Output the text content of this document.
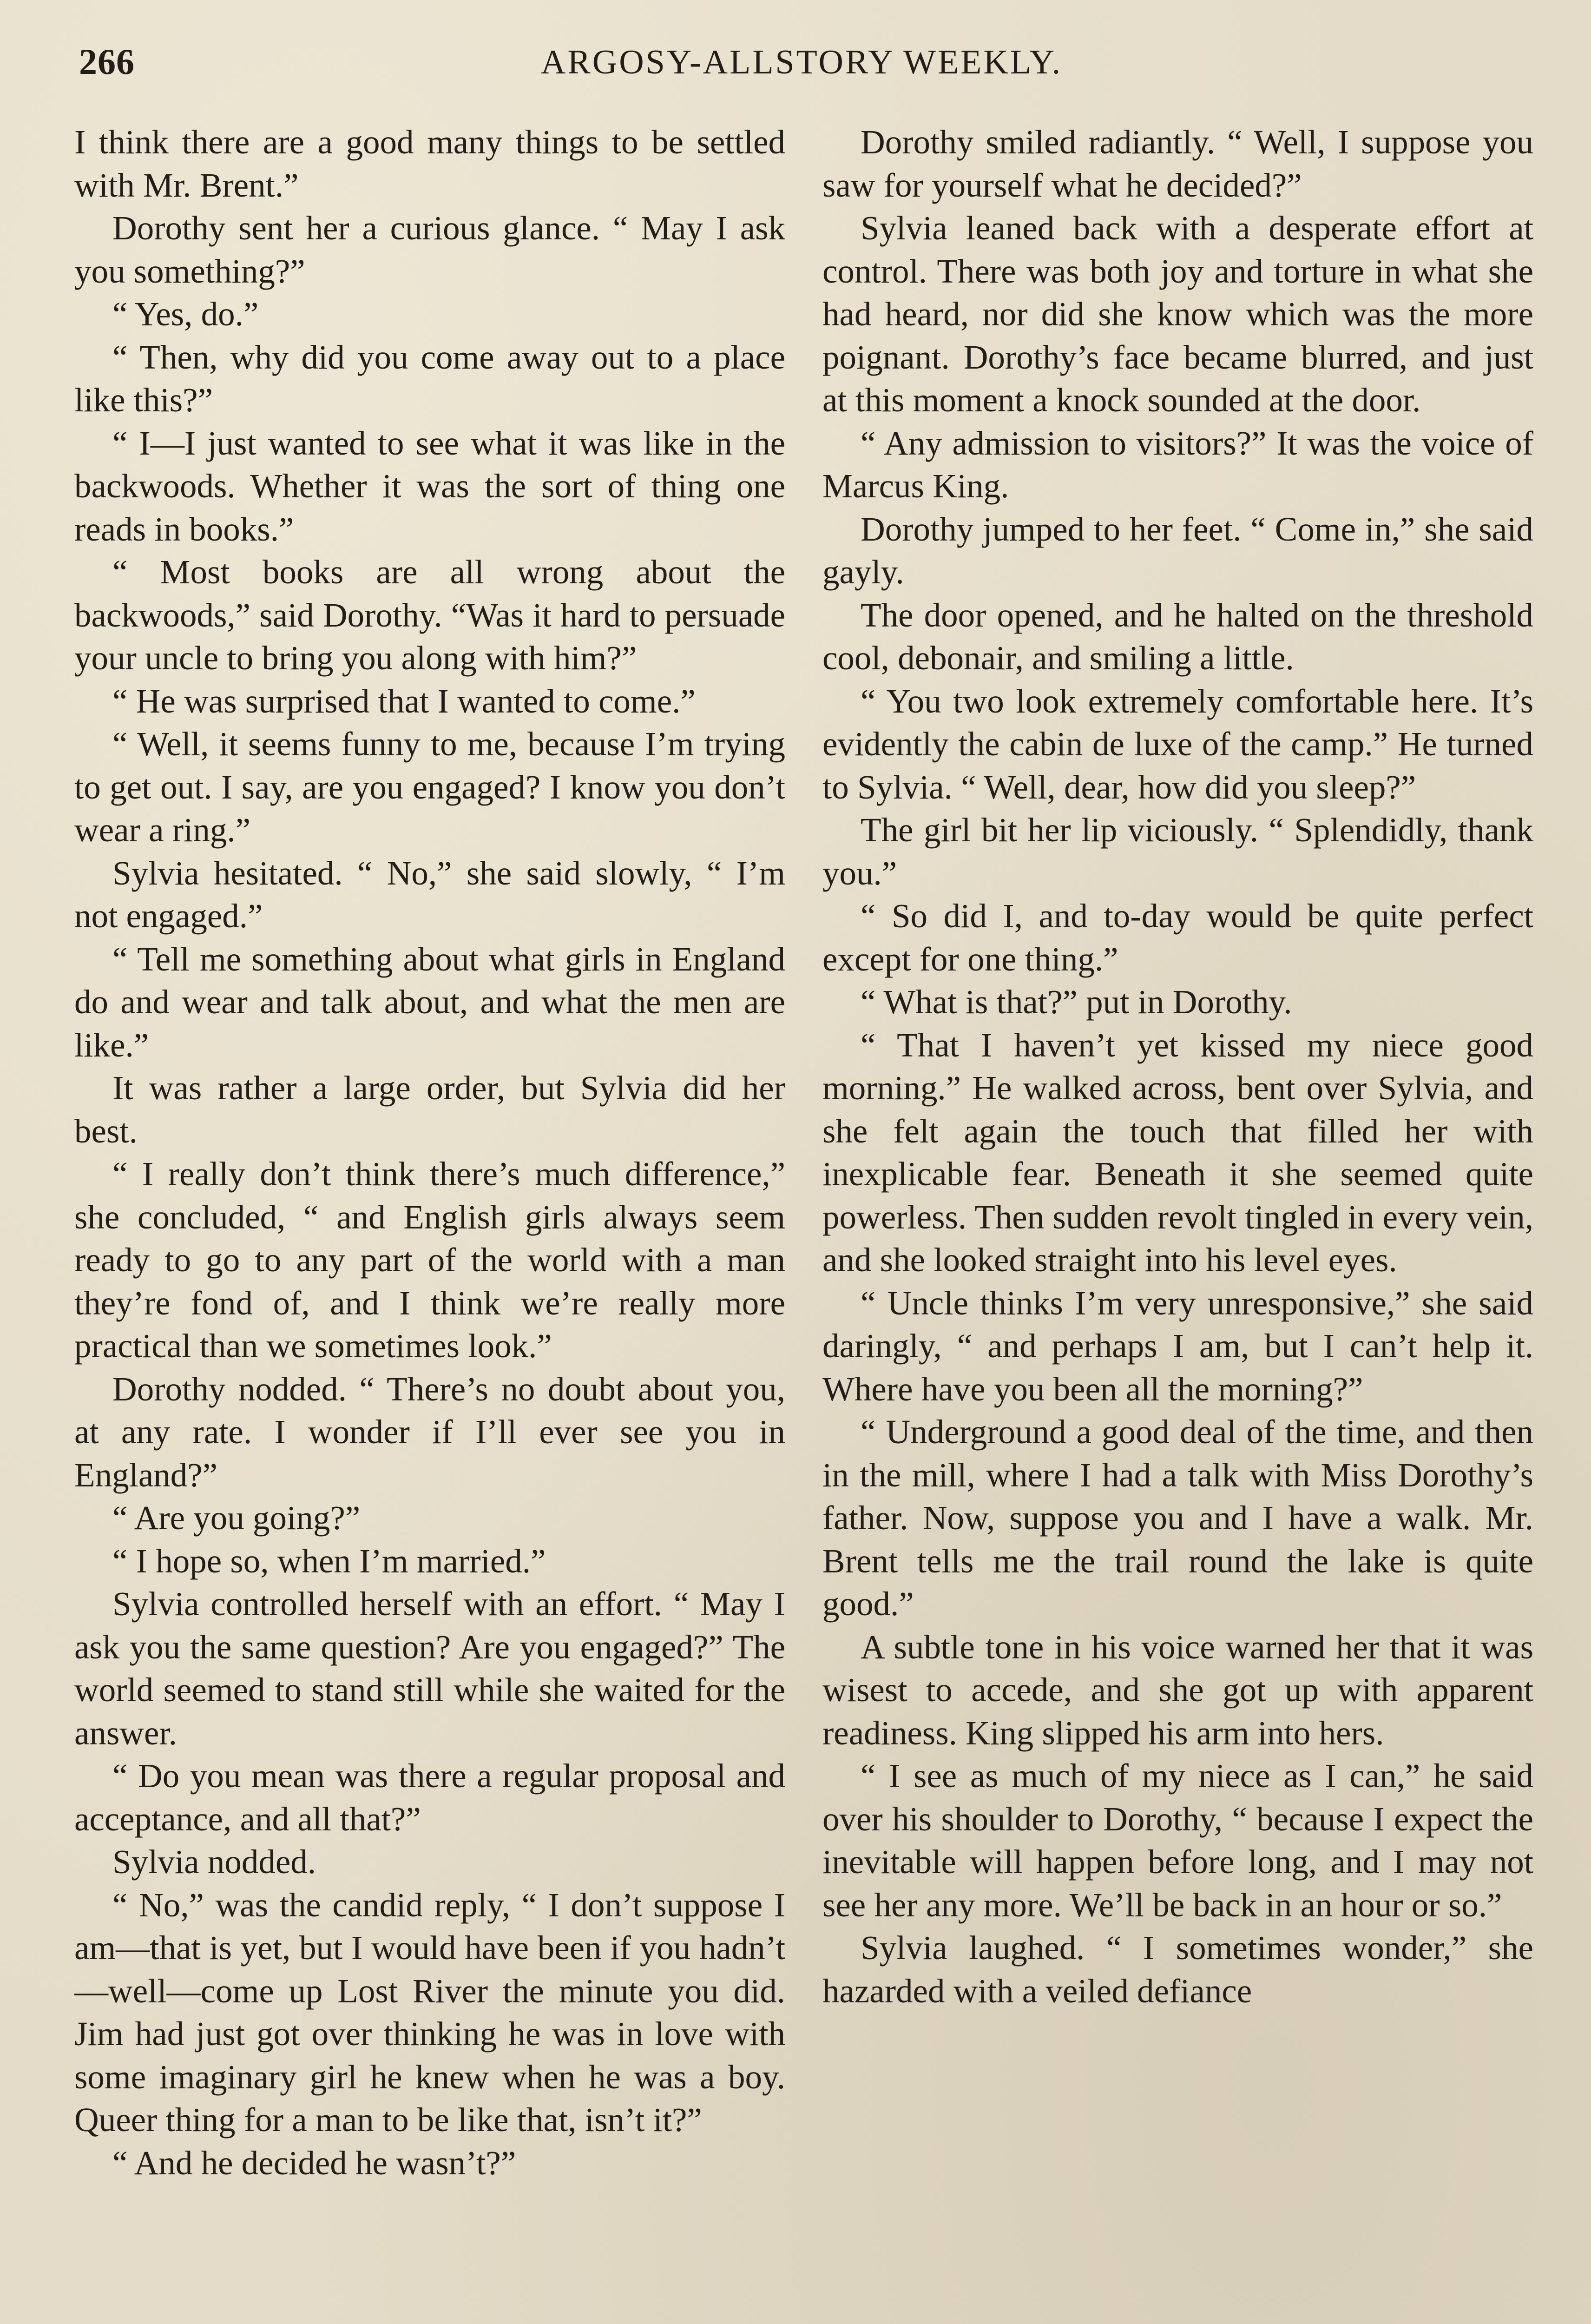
266	ARGOSY-ALLSTORY WEEKLY.

I think there are a good many things to be settled with Mr. Brent.”

Dorothy sent her a curious glance. “ May I ask you something?”

“ Yes, do.”

“ Then, why did you come away out to a place like this?”

“ I—I just wanted to see what it was like in the backwoods. Whether it was the sort of thing one reads in books.”

“ Most books are all wrong about the backwoods,” said Dorothy. “Was it hard to persuade your uncle to bring you along with him?”

“ He was surprised that I wanted to come.”

“ Well, it seems funny to me, because I’m trying to get out. I say, are you engaged? I know you don’t wear a ring.”

Sylvia hesitated. “ No,” she said slowly, “ I’m not engaged.”

“ Tell me something about what girls in England do and wear and talk about, and what the men are like.”

It was rather a large order, but Sylvia did her best.

“ I really don’t think there’s much difference,” she concluded, “ and English girls always seem ready to go to any part of the world with a man they’re fond of, and I think we’re really more practical than we sometimes look.”

Dorothy nodded. “ There’s no doubt about you, at any rate. I wonder if I’ll ever see you in England?”

“ Are you going?”

“ I hope so, when I’m married.”

Sylvia controlled herself with an effort. “ May I ask you the same question? Are you engaged?” The world seemed to stand still while she waited for the answer.

“ Do you mean was there a regular proposal and acceptance, and all that?”

Sylvia nodded.

“ No,” was the candid reply, “ I don’t suppose I am—that is yet, but I would have been if you hadn’t—well—come up Lost River the minute you did. Jim had just got over thinking he was in love with some imaginary girl he knew when he was a boy. Queer thing for a man to be like that, isn’t it?”

“ And he decided he wasn’t?”

Dorothy smiled radiantly. “ Well, I suppose you saw for yourself what he decided?”

Sylvia leaned back with a desperate effort at control. There was both joy and torture in what she had heard, nor did she know which was the more poignant. Dorothy’s face became blurred, and just at this moment a knock sounded at the door.

“ Any admission to visitors?” It was the voice of Marcus King.

Dorothy jumped to her feet. “ Come in,” she said gayly.

The door opened, and he halted on the threshold cool, debonair, and smiling a little.

“ You two look extremely comfortable here. It’s evidently the cabin de luxe of the camp.” He turned to Sylvia. “ Well, dear, how did you sleep?”

The girl bit her lip viciously. “ Splendidly, thank you.”

“ So did I, and to-day would be quite perfect except for one thing.”

“ What is that?” put in Dorothy.

“ That I haven’t yet kissed my niece good morning.” He walked across, bent over Sylvia, and she felt again the touch that filled her with inexplicable fear. Beneath it she seemed quite powerless. Then sudden revolt tingled in every vein, and she looked straight into his level eyes.

“ Uncle thinks I’m very unresponsive,” she said daringly, “ and perhaps I am, but I can’t help it. Where have you been all the morning?”

“ Underground a good deal of the time, and then in the mill, where I had a talk with Miss Dorothy’s father. Now, suppose you and I have a walk. Mr. Brent tells me the trail round the lake is quite good.”

A subtle tone in his voice warned her that it was wisest to accede, and she got up with apparent readiness. King slipped his arm into hers.

“ I see as much of my niece as I can,” he said over his shoulder to Dorothy, “ because I expect the inevitable will happen before long, and I may not see her any more. We’ll be back in an hour or so.”

Sylvia laughed. “ I sometimes wonder,” she hazarded with a veiled defiance
